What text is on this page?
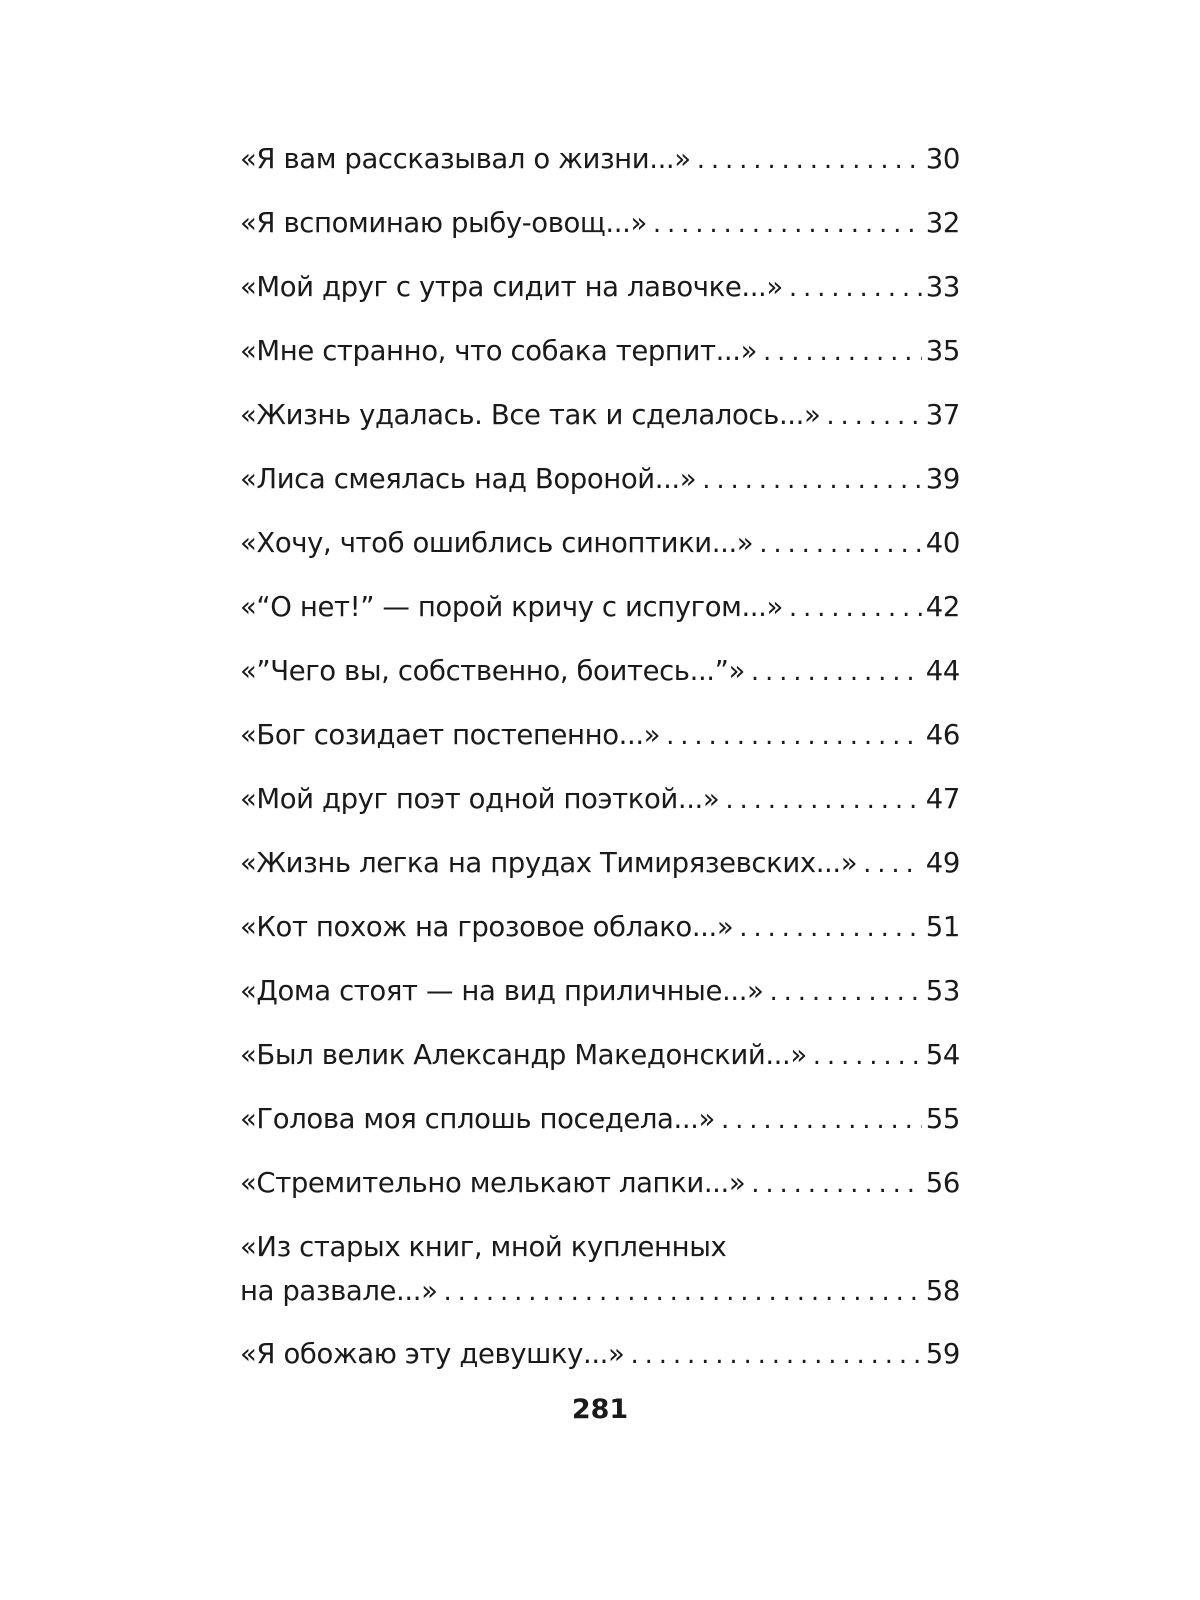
«Я вам рассказывал о жизни...» . . .	30
«Я вспоминаю рыбу-овощ...» . . .	32
«Мой друг с утра сидит на лавочке...» . . .	33
«Мне странно, что собака терпит...» . . .	35
«Жизнь удалась. Все так и сделалось...» . . .	37
«Лиса смеялась над Вороной...» . . .	39
«Хочу, чтоб ошиблись синоптики...» . . .	40
«“О нет!” — порой кричу с испугом...» . . .	42
«”Чего вы, собственно, боитесь...”» . . .	44
«Бог созидает постепенно...» . . .	46
«Мой друг поэт одной поэткой...» . . .	47
«Жизнь легка на прудах Тимирязевских...» . . . 49
«Кот похож на грозовое облако...» . . .	51
«Дома стоят — на вид приличные...» . . .	53
«Был велик Александр Македонский...» . . .	54
«Голова моя сплошь поседела...» . . .	55
«Стремительно мелькают лапки...» . . .	56
«Из старых книг, мной купленных
на развале...» . . .	58
«Я обожаю эту девушку...» . . .	59
281
